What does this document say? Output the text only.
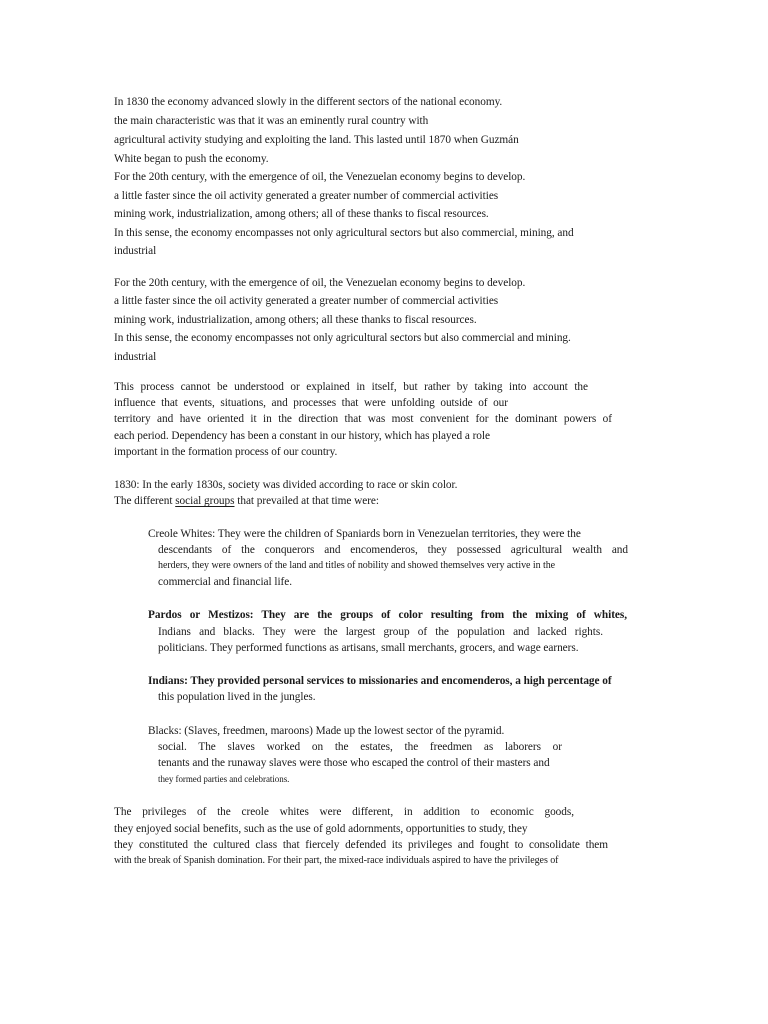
In 1830 the economy advanced slowly in the different sectors of the national economy.
the main characteristic was that it was an eminently rural country with
agricultural activity studying and exploiting the land. This lasted until 1870 when Guzmán
White began to push the economy.
For the 20th century, with the emergence of oil, the Venezuelan economy begins to develop.
a little faster since the oil activity generated a greater number of commercial activities
mining work, industrialization, among others; all of these thanks to fiscal resources.
In this sense, the economy encompasses not only agricultural sectors but also commercial, mining, and
industrial
For the 20th century, with the emergence of oil, the Venezuelan economy begins to develop.
a little faster since the oil activity generated a greater number of commercial activities
mining work, industrialization, among others; all these thanks to fiscal resources.
In this sense, the economy encompasses not only agricultural sectors but also commercial and mining.
industrial
This process cannot be understood or explained in itself, but rather by taking into account the
influence that events, situations, and processes that were unfolding outside of our
territory and have oriented it in the direction that was most convenient for the dominant powers of
each period. Dependency has been a constant in our history, which has played a role
important in the formation process of our country.
1830: In the early 1830s, society was divided according to race or skin color.
The different social groups that prevailed at that time were:
Creole Whites: They were the children of Spaniards born in Venezuelan territories, they were the
descendants of the conquerors and encomenderos, they possessed agricultural wealth and
herders, they were owners of the land and titles of nobility and showed themselves very active in the
commercial and financial life.
Pardos or Mestizos: They are the groups of color resulting from the mixing of whites,
Indians and blacks. They were the largest group of the population and lacked rights.
politicians. They performed functions as artisans, small merchants, grocers, and wage earners.
Indians: They provided personal services to missionaries and encomenderos, a high percentage of
this population lived in the jungles.
Blacks: (Slaves, freedmen, maroons) Made up the lowest sector of the pyramid.
social. The slaves worked on the estates, the freedmen as laborers or
tenants and the runaway slaves were those who escaped the control of their masters and
they formed parties and celebrations.
The privileges of the creole whites were different, in addition to economic goods,
they enjoyed social benefits, such as the use of gold adornments, opportunities to study, they
they constituted the cultured class that fiercely defended its privileges and fought to consolidate them
with the break of Spanish domination. For their part, the mixed-race individuals aspired to have the privileges of
